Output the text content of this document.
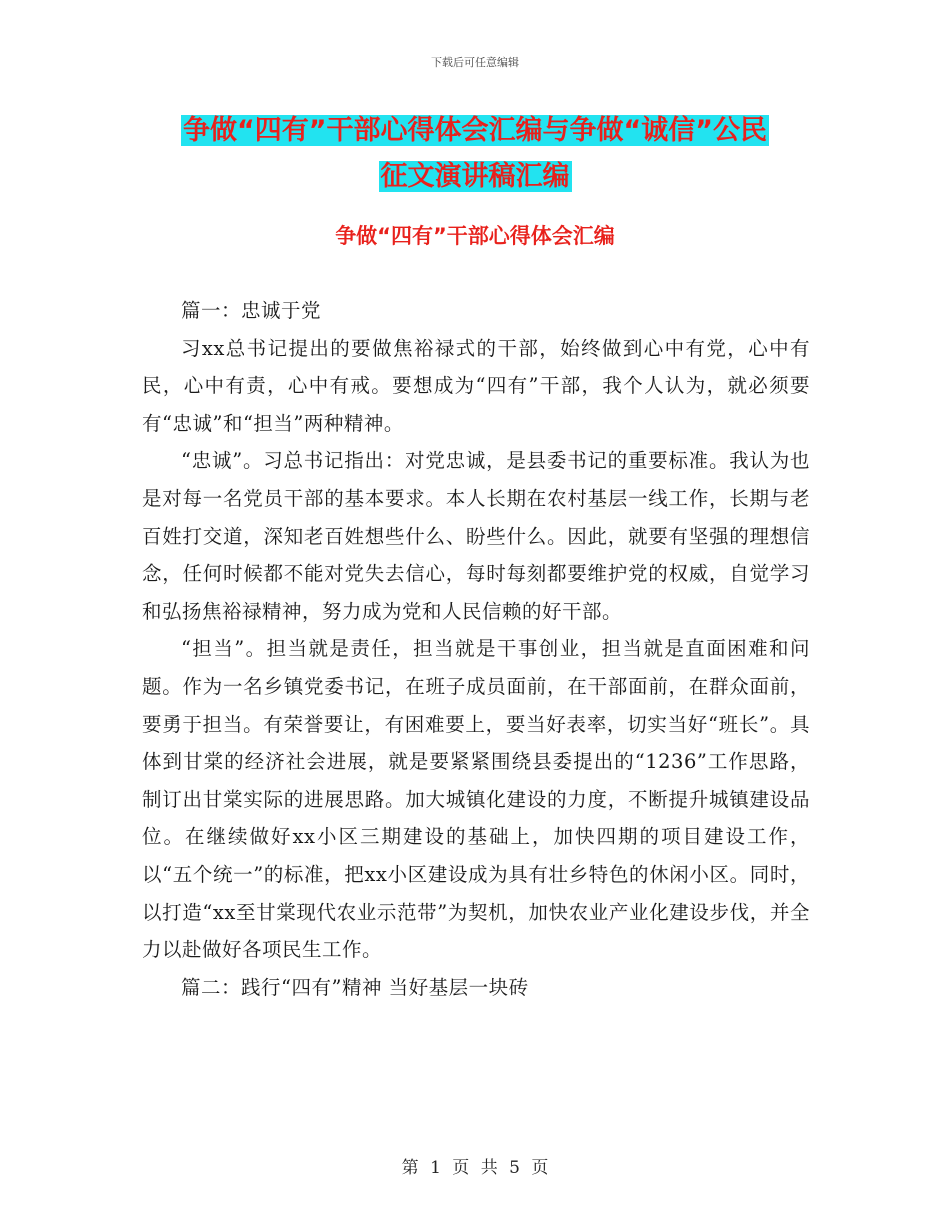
下载后可任意编辑
争做“四有”干部心得体会汇编与争做“诚信”公民
征文演讲稿汇编
争做“四有”干部心得体会汇编

篇一：忠诚于党

习xx总书记提出的要做焦裕禄式的干部，始终做到心中有党，心中有民，心中有责，心中有戒。要想成为“四有”干部，我个人认为，就必须要有“忠诚”和“担当”两种精神。

“忠诚”。习总书记指出：对党忠诚，是县委书记的重要标准。我认为也是对每一名党员干部的基本要求。本人长期在农村基层一线工作，长期与老百姓打交道，深知老百姓想些什么、盼些什么。因此，就要有坚强的理想信念，任何时候都不能对党失去信心，每时每刻都要维护党的权威，自觉学习和弘扬焦裕禄精神，努力成为党和人民信赖的好干部。

“担当”。担当就是责任，担当就是干事创业，担当就是直面困难和问题。作为一名乡镇党委书记，在班子成员面前，在干部面前，在群众面前，要勇于担当。有荣誉要让，有困难要上，要当好表率，切实当好“班长”。具体到甘棠的经济社会进展，就是要紧紧围绕县委提出的“1236”工作思路，制订出甘棠实际的进展思路。加大城镇化建设的力度，不断提升城镇建设品位。在继续做好xx小区三期建设的基础上，加快四期的项目建设工作，以“五个统一”的标准，把xx小区建设成为具有壮乡特色的休闲小区。同时，以打造“xx至甘棠现代农业示范带”为契机，加快农业产业化建设步伐，并全力以赴做好各项民生工作。

篇二：践行“四有”精神 当好基层一块砖

第 1 页 共 5 页
